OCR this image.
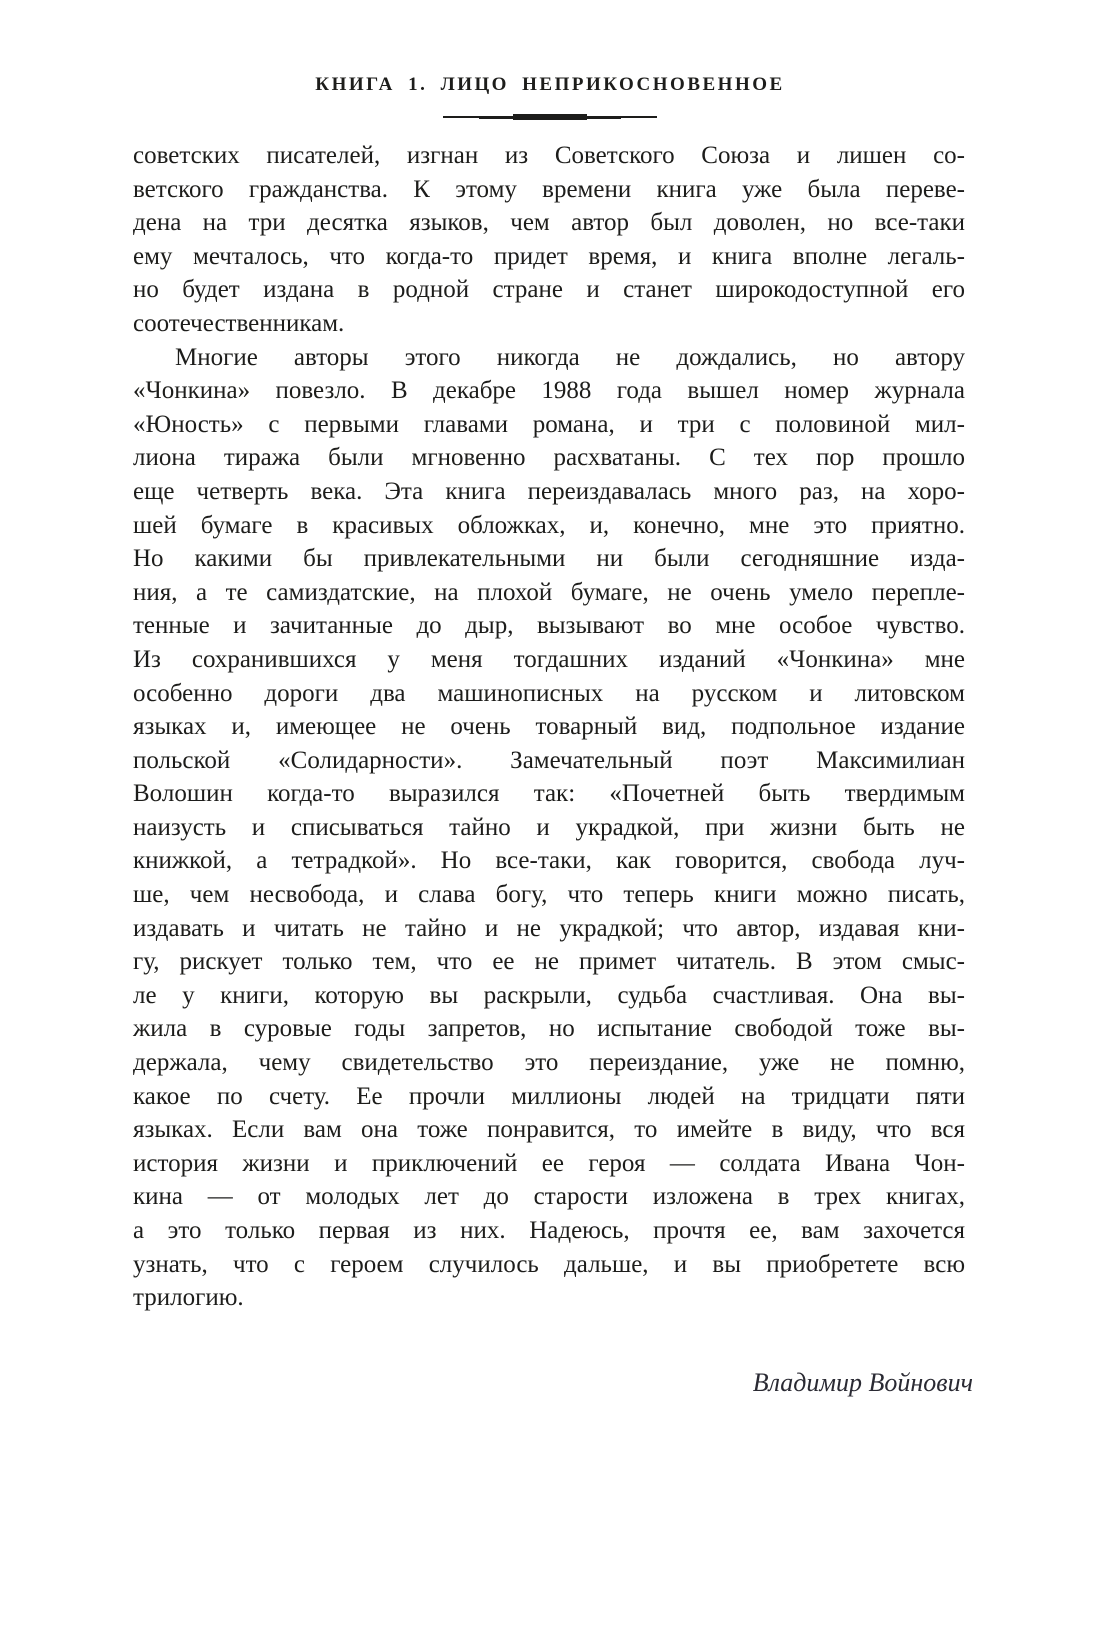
КНИГА 1. ЛИЦО НЕПРИКОСНОВЕННОЕ
советских писателей, изгнан из Советского Союза и лишен со-
ветского гражданства. К этому времени книга уже была переве-
дена на три десятка языков, чем автор был доволен, но все-таки
ему мечталось, что когда-то придет время, и книга вполне легаль-
но будет издана в родной стране и станет широкодоступной его
соотечественникам.
Многие авторы этого никогда не дождались, но автору
«Чонкина» повезло. В декабре 1988 года вышел номер журнала
«Юность» с первыми главами романа, и три с половиной мил-
лиона тиража были мгновенно расхватаны. С тех пор прошло
еще четверть века. Эта книга переиздавалась много раз, на хоро-
шей бумаге в красивых обложках, и, конечно, мне это приятно.
Но какими бы привлекательными ни были сегодняшние изда-
ния, а те самиздатские, на плохой бумаге, не очень умело перепле-
тенные и зачитанные до дыр, вызывают во мне особое чувство.
Из сохранившихся у меня тогдашних изданий «Чонкина» мне
особенно дороги два машинописных на русском и литовском
языках и, имеющее не очень товарный вид, подпольное издание
польской «Солидарности». Замечательный поэт Максимилиан
Волошин когда-то выразился так: «Почетней быть твердимым
наизусть и списываться тайно и украдкой, при жизни быть не
книжкой, а тетрадкой». Но все-таки, как говорится, свобода луч-
ше, чем несвобода, и слава богу, что теперь книги можно писать,
издавать и читать не тайно и не украдкой; что автор, издавая кни-
гу, рискует только тем, что ее не примет читатель. В этом смыс-
ле у книги, которую вы раскрыли, судьба счастливая. Она вы-
жила в суровые годы запретов, но испытание свободой тоже вы-
держала, чему свидетельство это переиздание, уже не помню,
какое по счету. Ее прочли миллионы людей на тридцати пяти
языках. Если вам она тоже понравится, то имейте в виду, что вся
история жизни и приключений ее героя — солдата Ивана Чон-
кина — от молодых лет до старости изложена в трех книгах,
а это только первая из них. Надеюсь, прочтя ее, вам захочется
узнать, что с героем случилось дальше, и вы приобретете всю
трилогию.
Владимир Войнович
